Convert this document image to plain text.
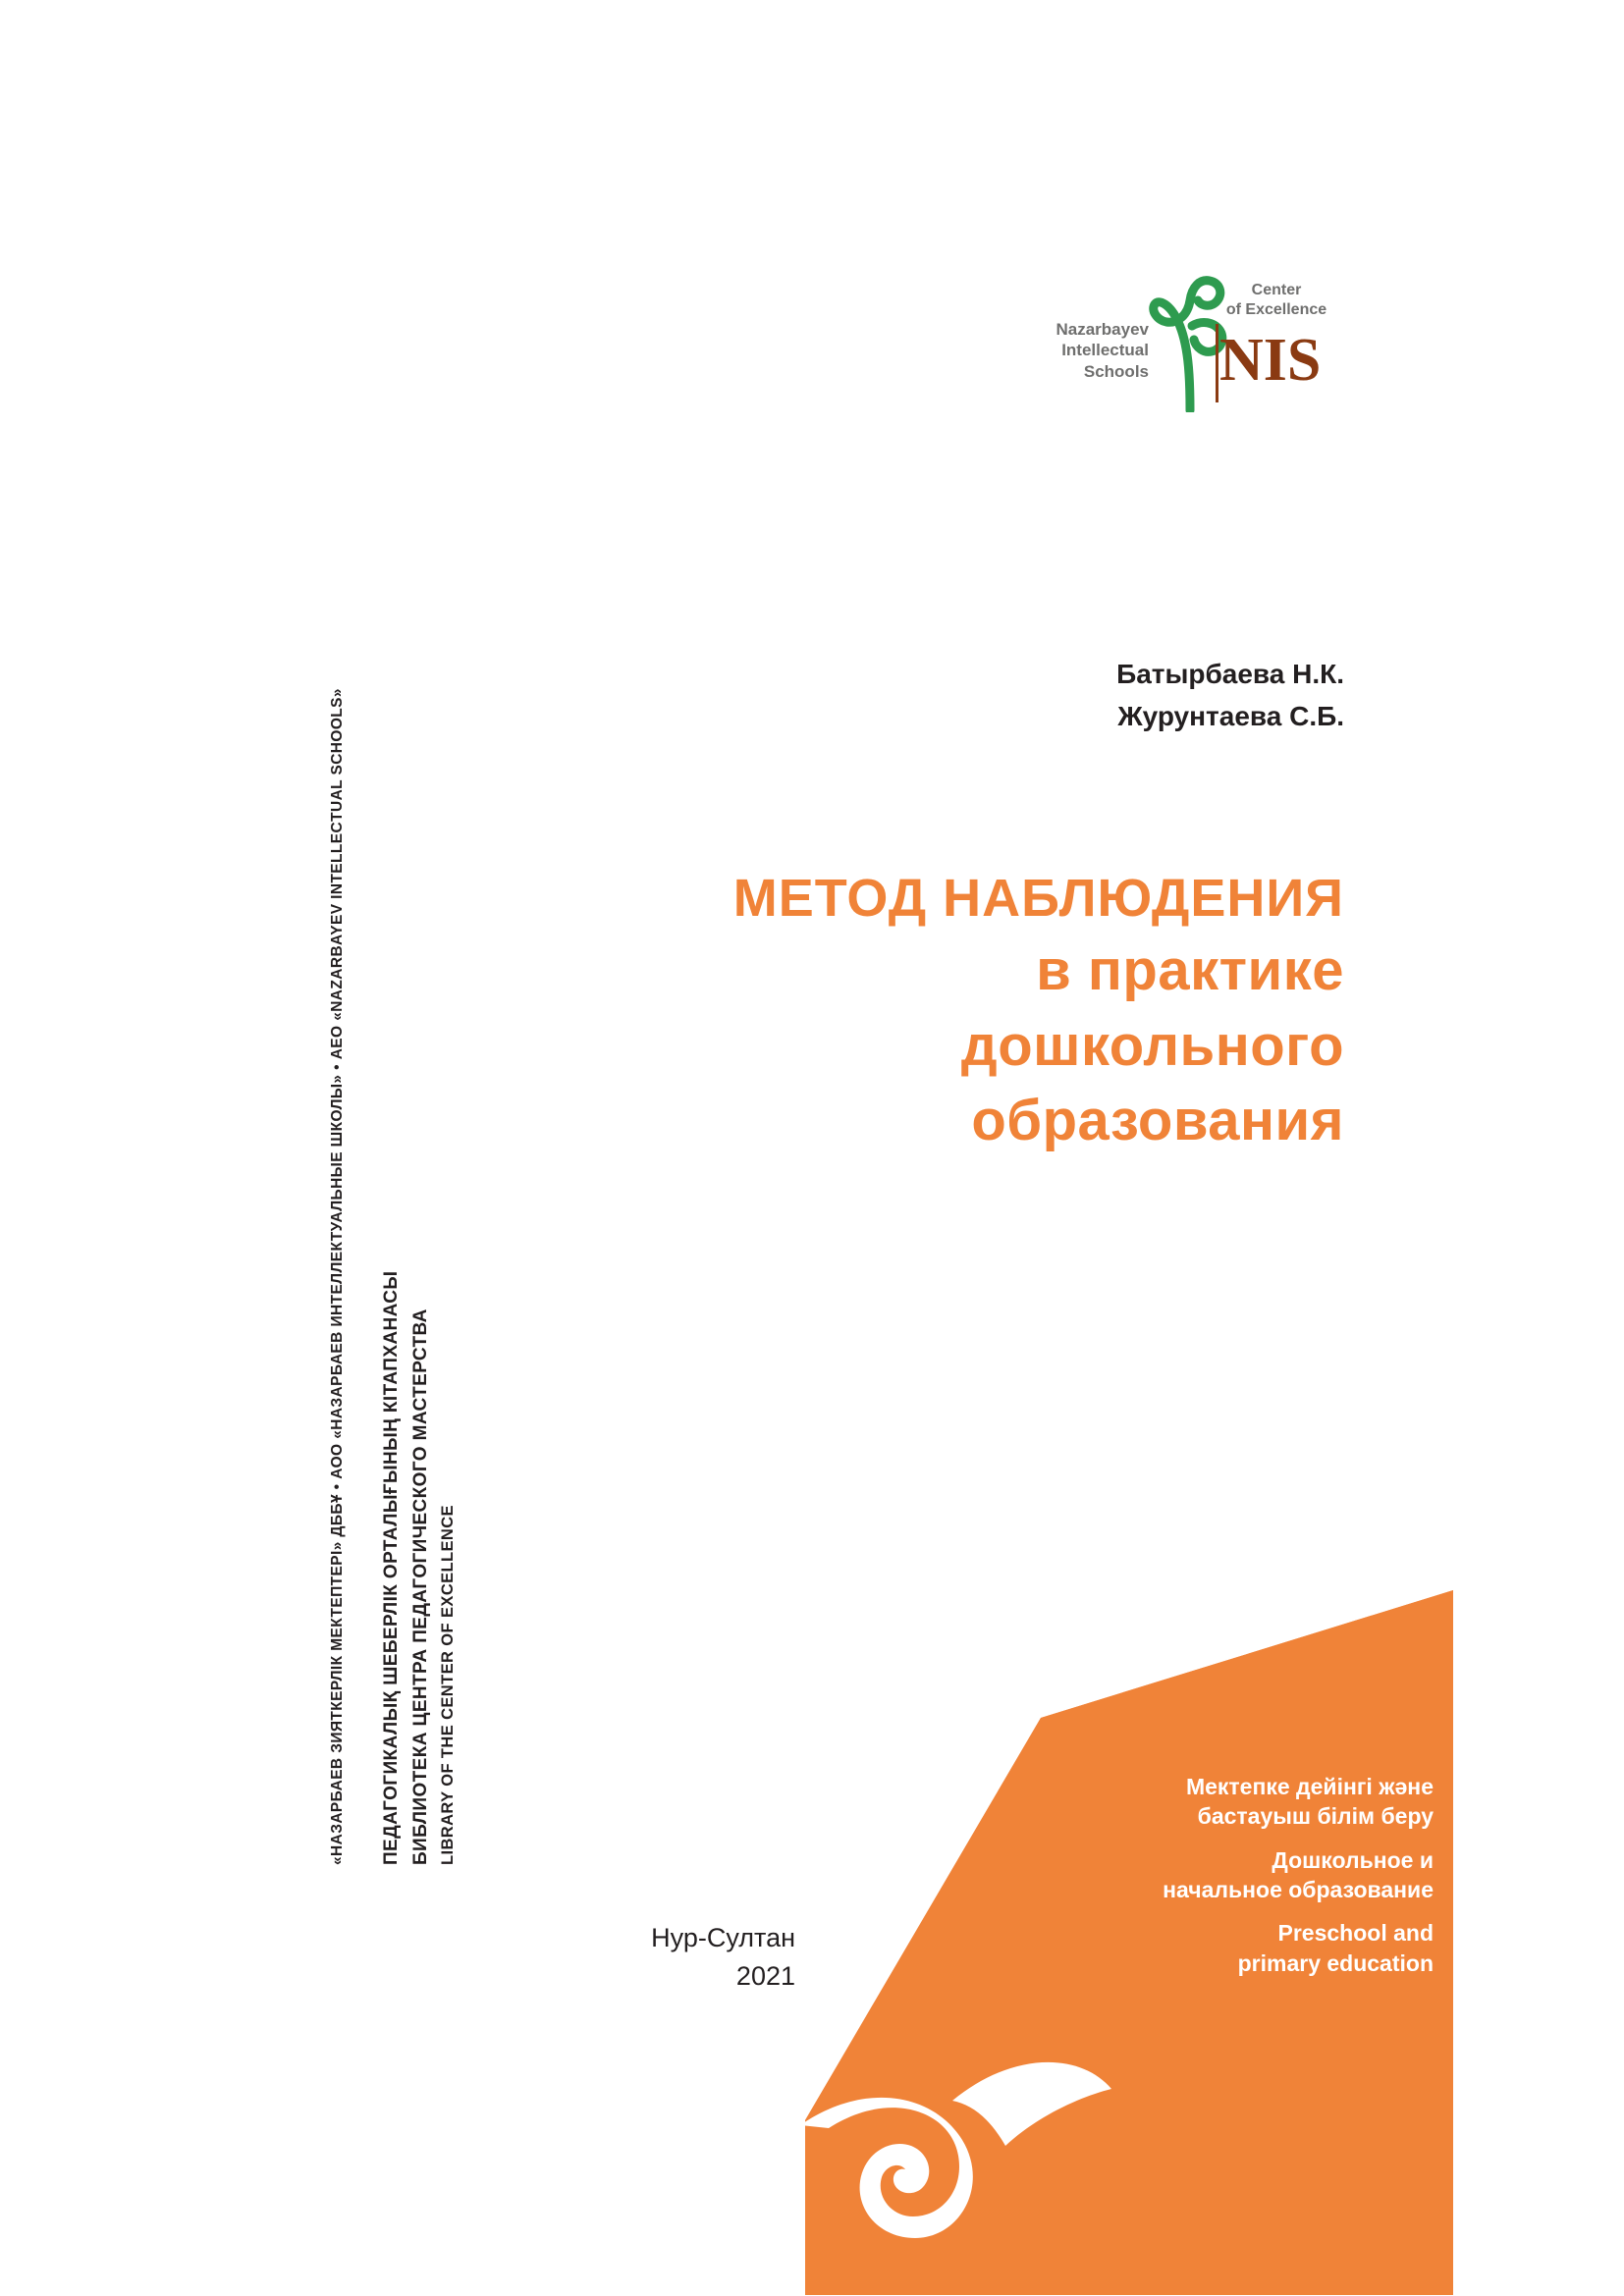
«НАЗАРБАЕВ ЗИЯТКЕРЛІК МЕКТЕПТЕРІ» ДББҰ • АОО «НАЗАРБАЕВ ИНТЕЛЛЕКТУАЛЬНЫЕ ШКОЛЫ» • AEO «NAZARBAYEV INTELLECTUAL SCHOOLS» ПЕДАГОГИКАЛЫҚ ШЕБЕРЛІК ОРТАЛЫҒЫНЫҢ КІТАПХАНАСЫ БИБЛИОТЕКА ЦЕНТРА ПЕДАГОГИЧЕСКОГО МАСТЕРСТВА LIBRARY OF THE CENTER OF EXCELLENCE
Nazarbayev
Intellectual
Schools
Center
of Excellence
NIS
Батырбаева Н.К.
Журунтаева С.Б.
МЕТОД НАБЛЮДЕНИЯ
в практике
дошкольного
образования
Нур-Султан
2021
Мектепке дейінгі және
бастауыш білім беру
Дошкольное и
начальное образование
Preschool and
primary education
